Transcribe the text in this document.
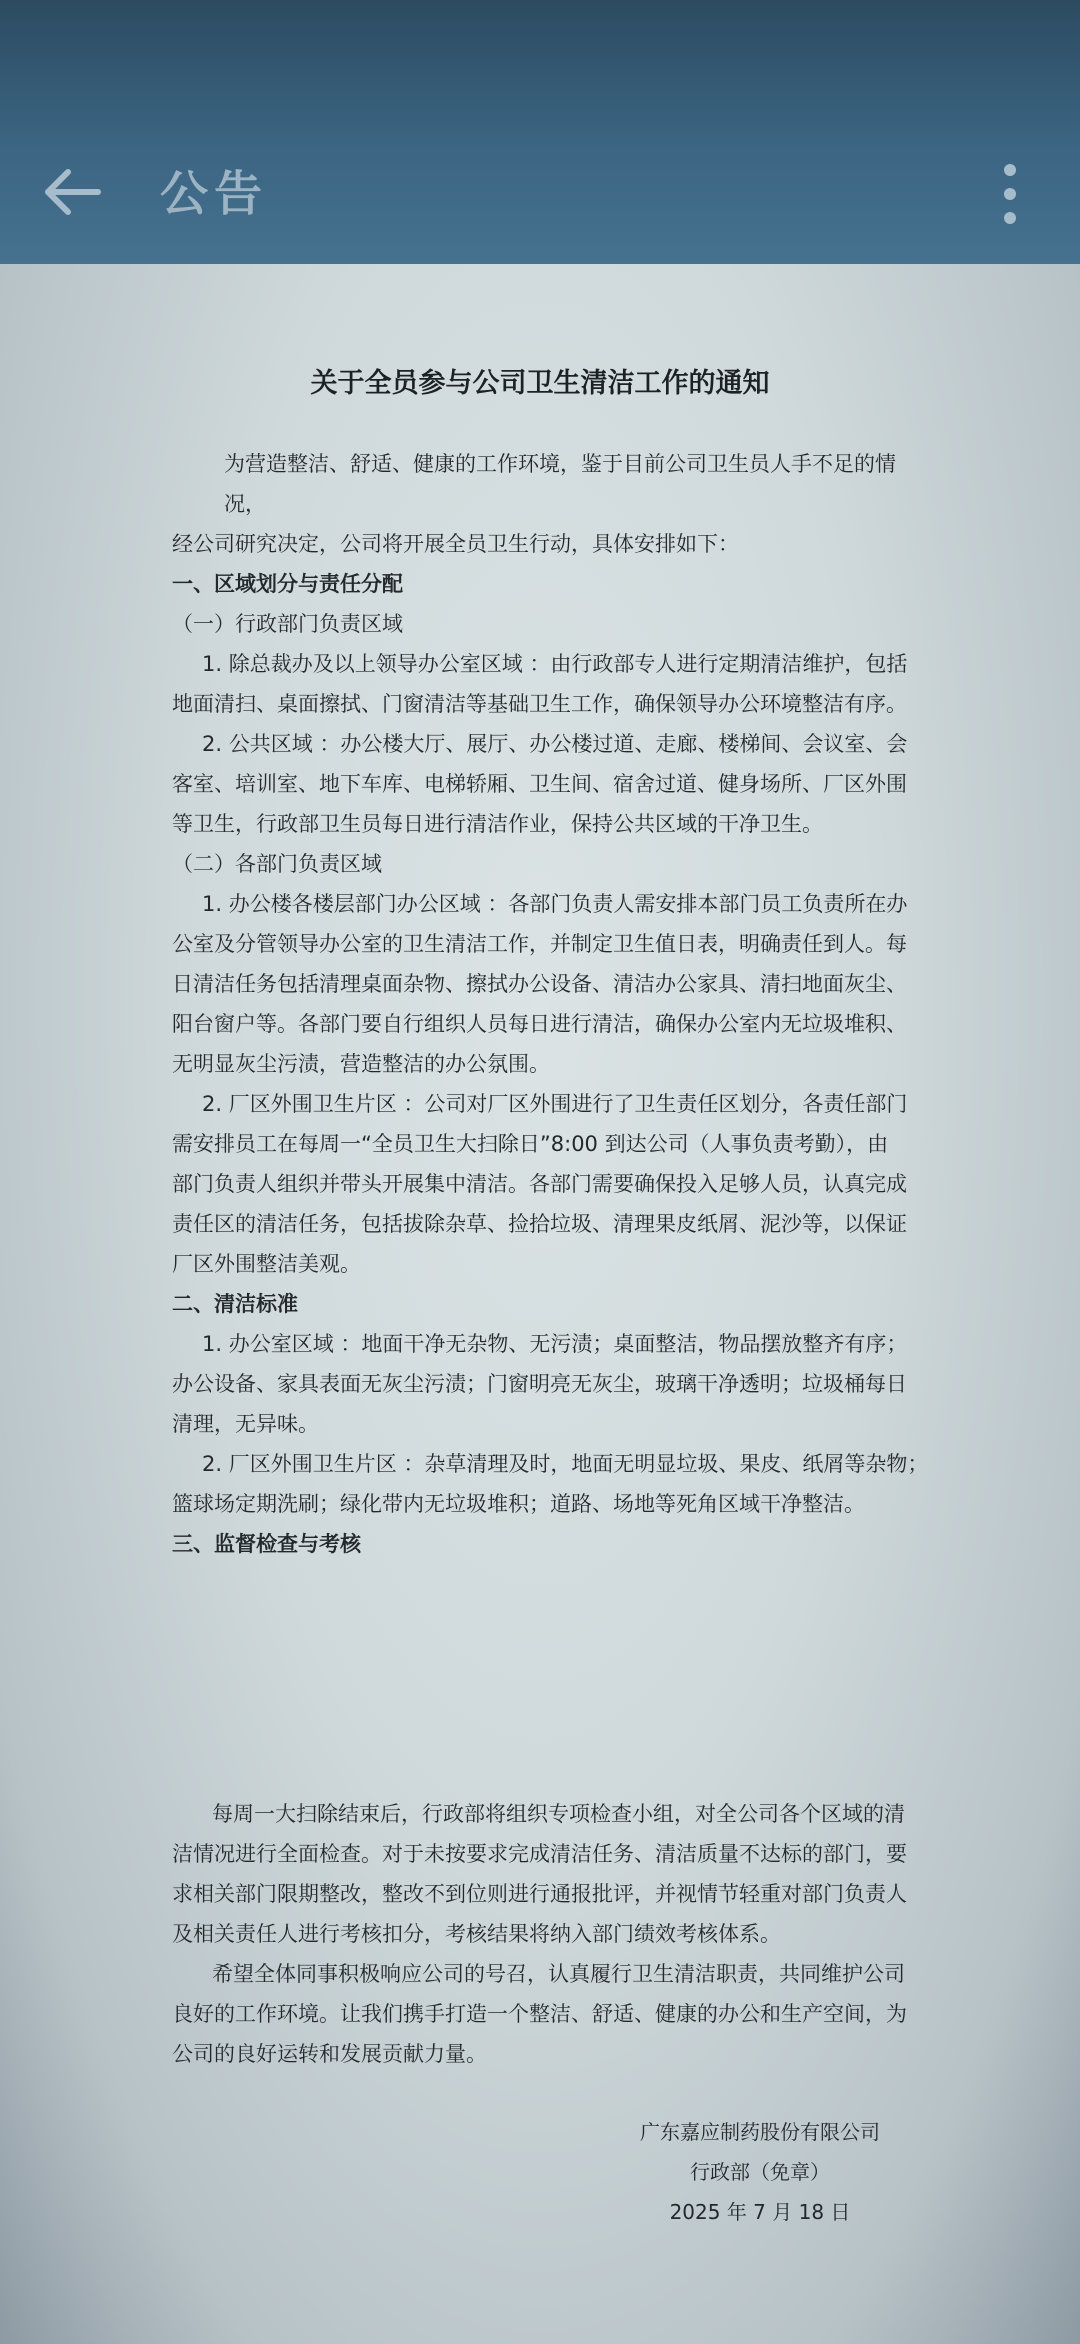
公告
关于全员参与公司卫生清洁工作的通知

为营造整洁、舒适、健康的工作环境，鉴于目前公司卫生员人手不足的情况，

经公司研究决定，公司将开展全员卫生行动，具体安排如下：

一、区域划分与责任分配

（一）行政部门负责区域

1. 除总裁办及以上领导办公室区域 ：由行政部专人进行定期清洁维护，包括

地面清扫、桌面擦拭、门窗清洁等基础卫生工作，确保领导办公环境整洁有序。

2. 公共区域 ：办公楼大厅、展厅、办公楼过道、走廊、楼梯间、会议室、会

客室、培训室、地下车库、电梯轿厢、卫生间、宿舍过道、健身场所、厂区外围

等卫生，行政部卫生员每日进行清洁作业，保持公共区域的干净卫生。

（二）各部门负责区域

1. 办公楼各楼层部门办公区域 ：各部门负责人需安排本部门员工负责所在办

公室及分管领导办公室的卫生清洁工作，并制定卫生值日表，明确责任到人。每

日清洁任务包括清理桌面杂物、擦拭办公设备、清洁办公家具、清扫地面灰尘、

阳台窗户等。各部门要自行组织人员每日进行清洁，确保办公室内无垃圾堆积、

无明显灰尘污渍，营造整洁的办公氛围。

2. 厂区外围卫生片区 ：公司对厂区外围进行了卫生责任区划分，各责任部门

需安排员工在每周一“全员卫生大扫除日”8:00 到达公司（人事负责考勤），由

部门负责人组织并带头开展集中清洁。各部门需要确保投入足够人员，认真完成

责任区的清洁任务，包括拔除杂草、捡拾垃圾、清理果皮纸屑、泥沙等，以保证

厂区外围整洁美观。

二、清洁标准

1. 办公室区域 ：地面干净无杂物、无污渍；桌面整洁，物品摆放整齐有序；

办公设备、家具表面无灰尘污渍；门窗明亮无灰尘，玻璃干净透明；垃圾桶每日

清理，无异味。

2. 厂区外围卫生片区 ：杂草清理及时，地面无明显垃圾、果皮、纸屑等杂物；

篮球场定期洗刷；绿化带内无垃圾堆积；道路、场地等死角区域干净整洁。

三、监督检查与考核

每周一大扫除结束后，行政部将组织专项检查小组，对全公司各个区域的清

洁情况进行全面检查。对于未按要求完成清洁任务、清洁质量不达标的部门，要

求相关部门限期整改，整改不到位则进行通报批评，并视情节轻重对部门负责人

及相关责任人进行考核扣分，考核结果将纳入部门绩效考核体系。

希望全体同事积极响应公司的号召，认真履行卫生清洁职责，共同维护公司

良好的工作环境。让我们携手打造一个整洁、舒适、健康的办公和生产空间，为

公司的良好运转和发展贡献力量。

广东嘉应制药股份有限公司
行政部（免章）
2025 年 7 月 18 日
